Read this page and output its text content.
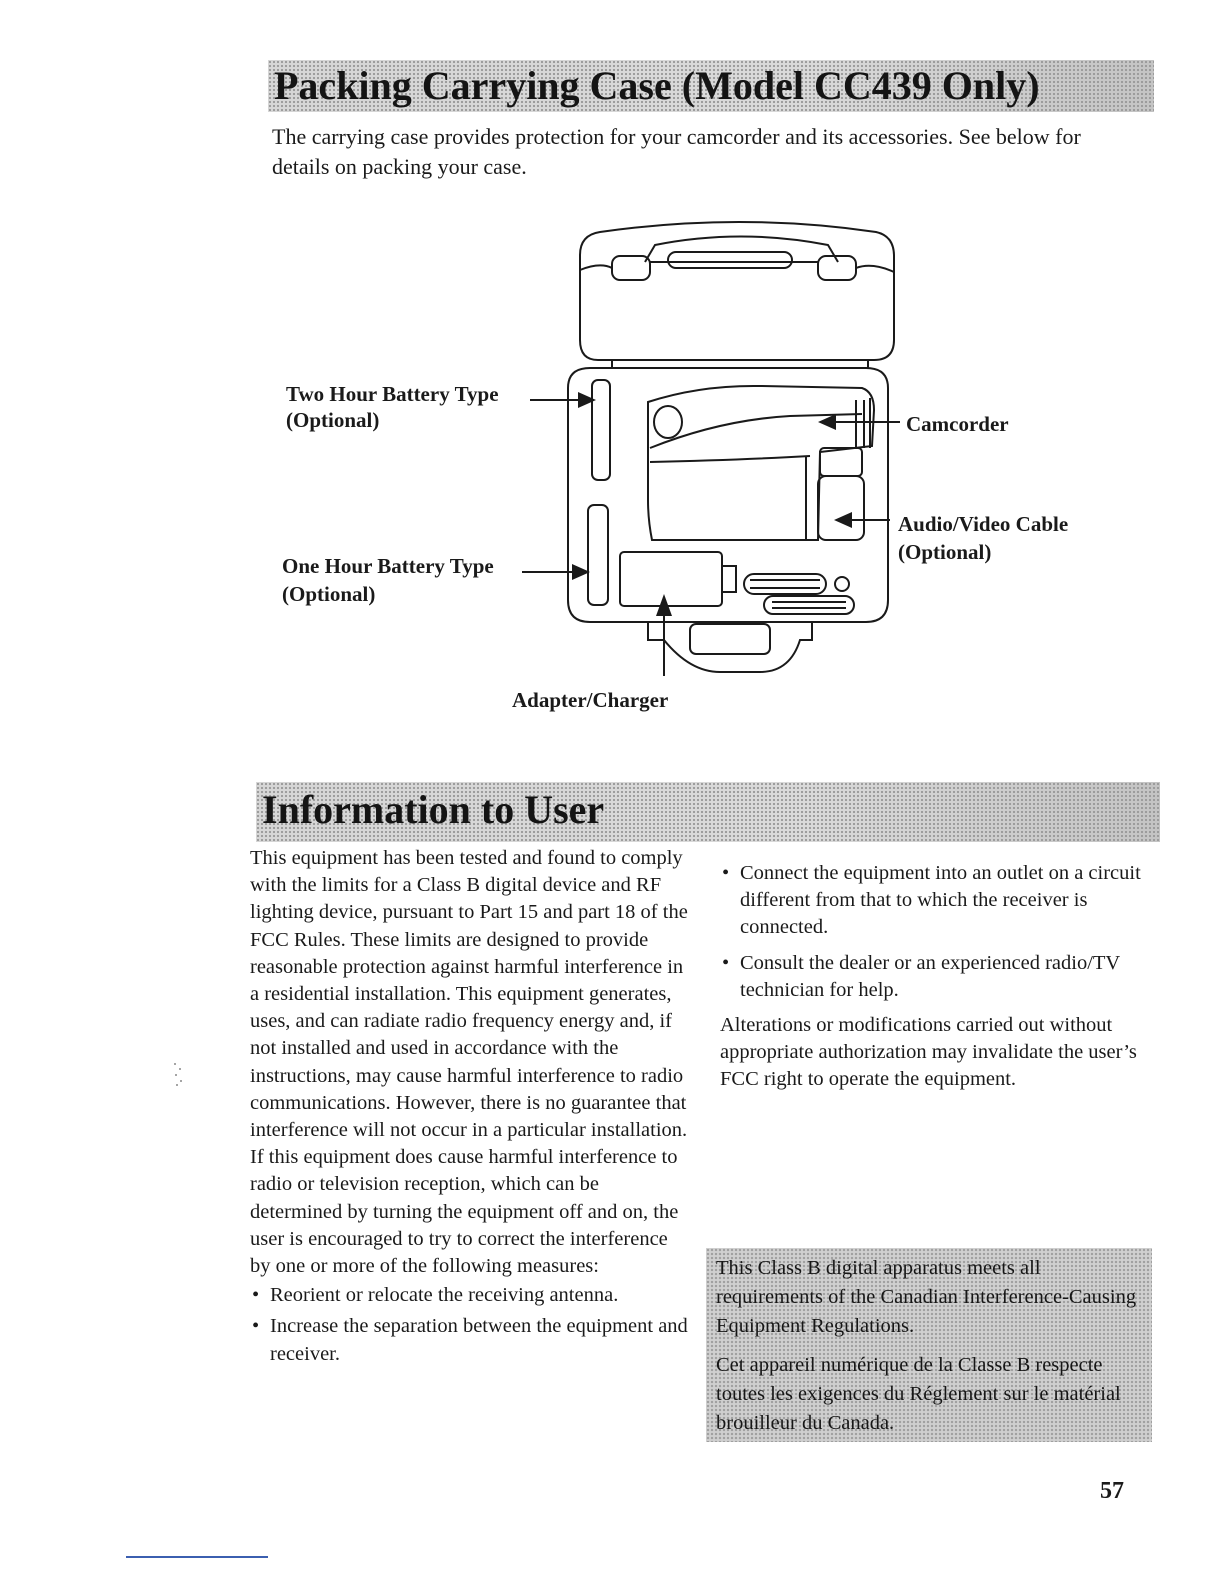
Packing Carrying Case (Model CC439 Only)

The carrying case provides protection for your camcorder and its accessories. See below for details on packing your case.

Two Hour Battery Type
(Optional)
One Hour Battery Type
(Optional)
Camcorder
Audio/Video Cable
(Optional)
Adapter/Charger
Information to User

This equipment has been tested and found to comply with the limits for a Class B digital device and RF lighting device, pursuant to Part 15 and part 18 of the FCC Rules. These limits are designed to provide reasonable protection against harmful interference in a residential installation. This equipment generates, uses, and can radiate radio frequency energy and, if not installed and used in accordance with the instructions, may cause harmful interference to radio communications. However, there is no guarantee that interference will not occur in a particular installation. If this equipment does cause harmful interference to radio or television reception, which can be determined by turning the equipment off and on, the user is encouraged to try to correct the interference by one or more of the following measures:

• Reorient or relocate the receiving antenna.
• Increase the separation between the equipment and receiver.
• Connect the equipment into an outlet on a circuit different from that to which the receiver is connected.
• Consult the dealer or an experienced radio/TV technician for help.

Alterations or modifications carried out without appropriate authorization may invalidate the user’s FCC right to operate the equipment.

This Class B digital apparatus meets all requirements of the Canadian Interference-Causing Equipment Regulations.

Cet appareil numérique de la Classe B respecte toutes les exigences du Réglement sur le matérial brouilleur du Canada.

57
